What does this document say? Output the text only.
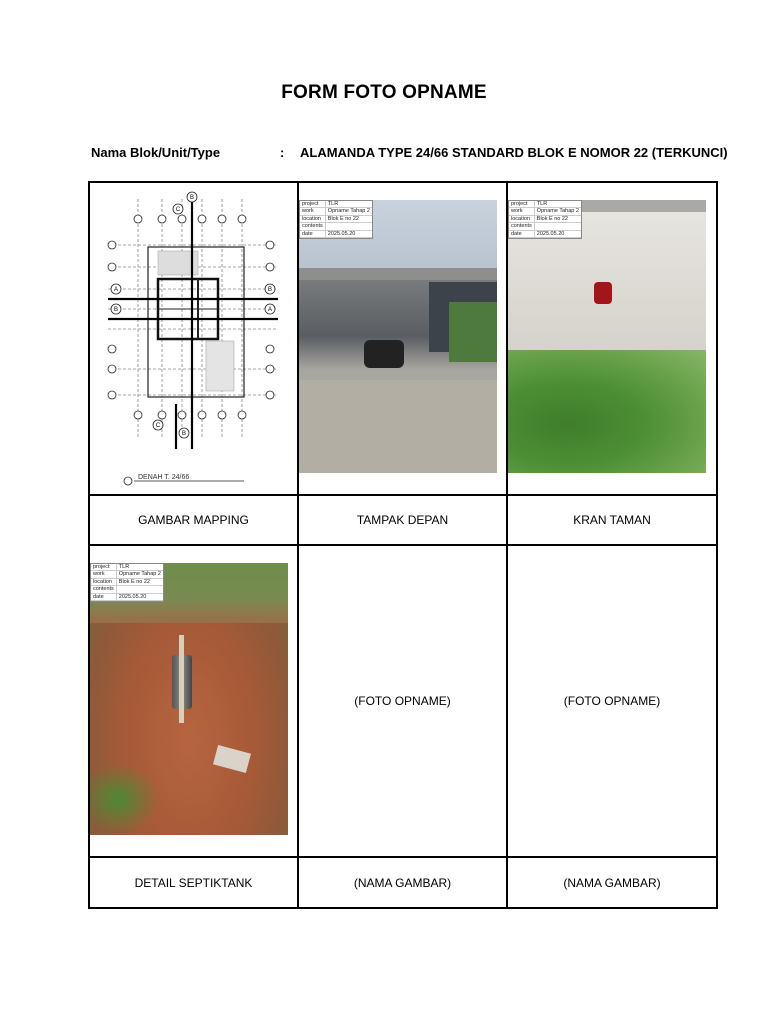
FORM FOTO OPNAME
Nama Blok/Unit/Type	: ALAMANDA TYPE 24/66 STANDARD BLOK E NOMOR 22 (TERKUNCI)
B
C
A
B
B
A
C
B
DENAH T. 24/66
project	TLR
work	Opname Tahap 2
location	Blok E no 22
contents	
date	2025.05.20
project	TLR
work	Opname Tahap 2
location	Blok E no 22
contents	
date	2025.05.20
GAMBAR MAPPING	TAMPAK DEPAN	KRAN TAMAN
project	TLR
work	Opname Tahap 2
location	Blok E no 22
contents	
date	2025.05.20
(FOTO OPNAME)	(FOTO OPNAME)
DETAIL SEPTIKTANK	(NAMA GAMBAR)	(NAMA GAMBAR)
